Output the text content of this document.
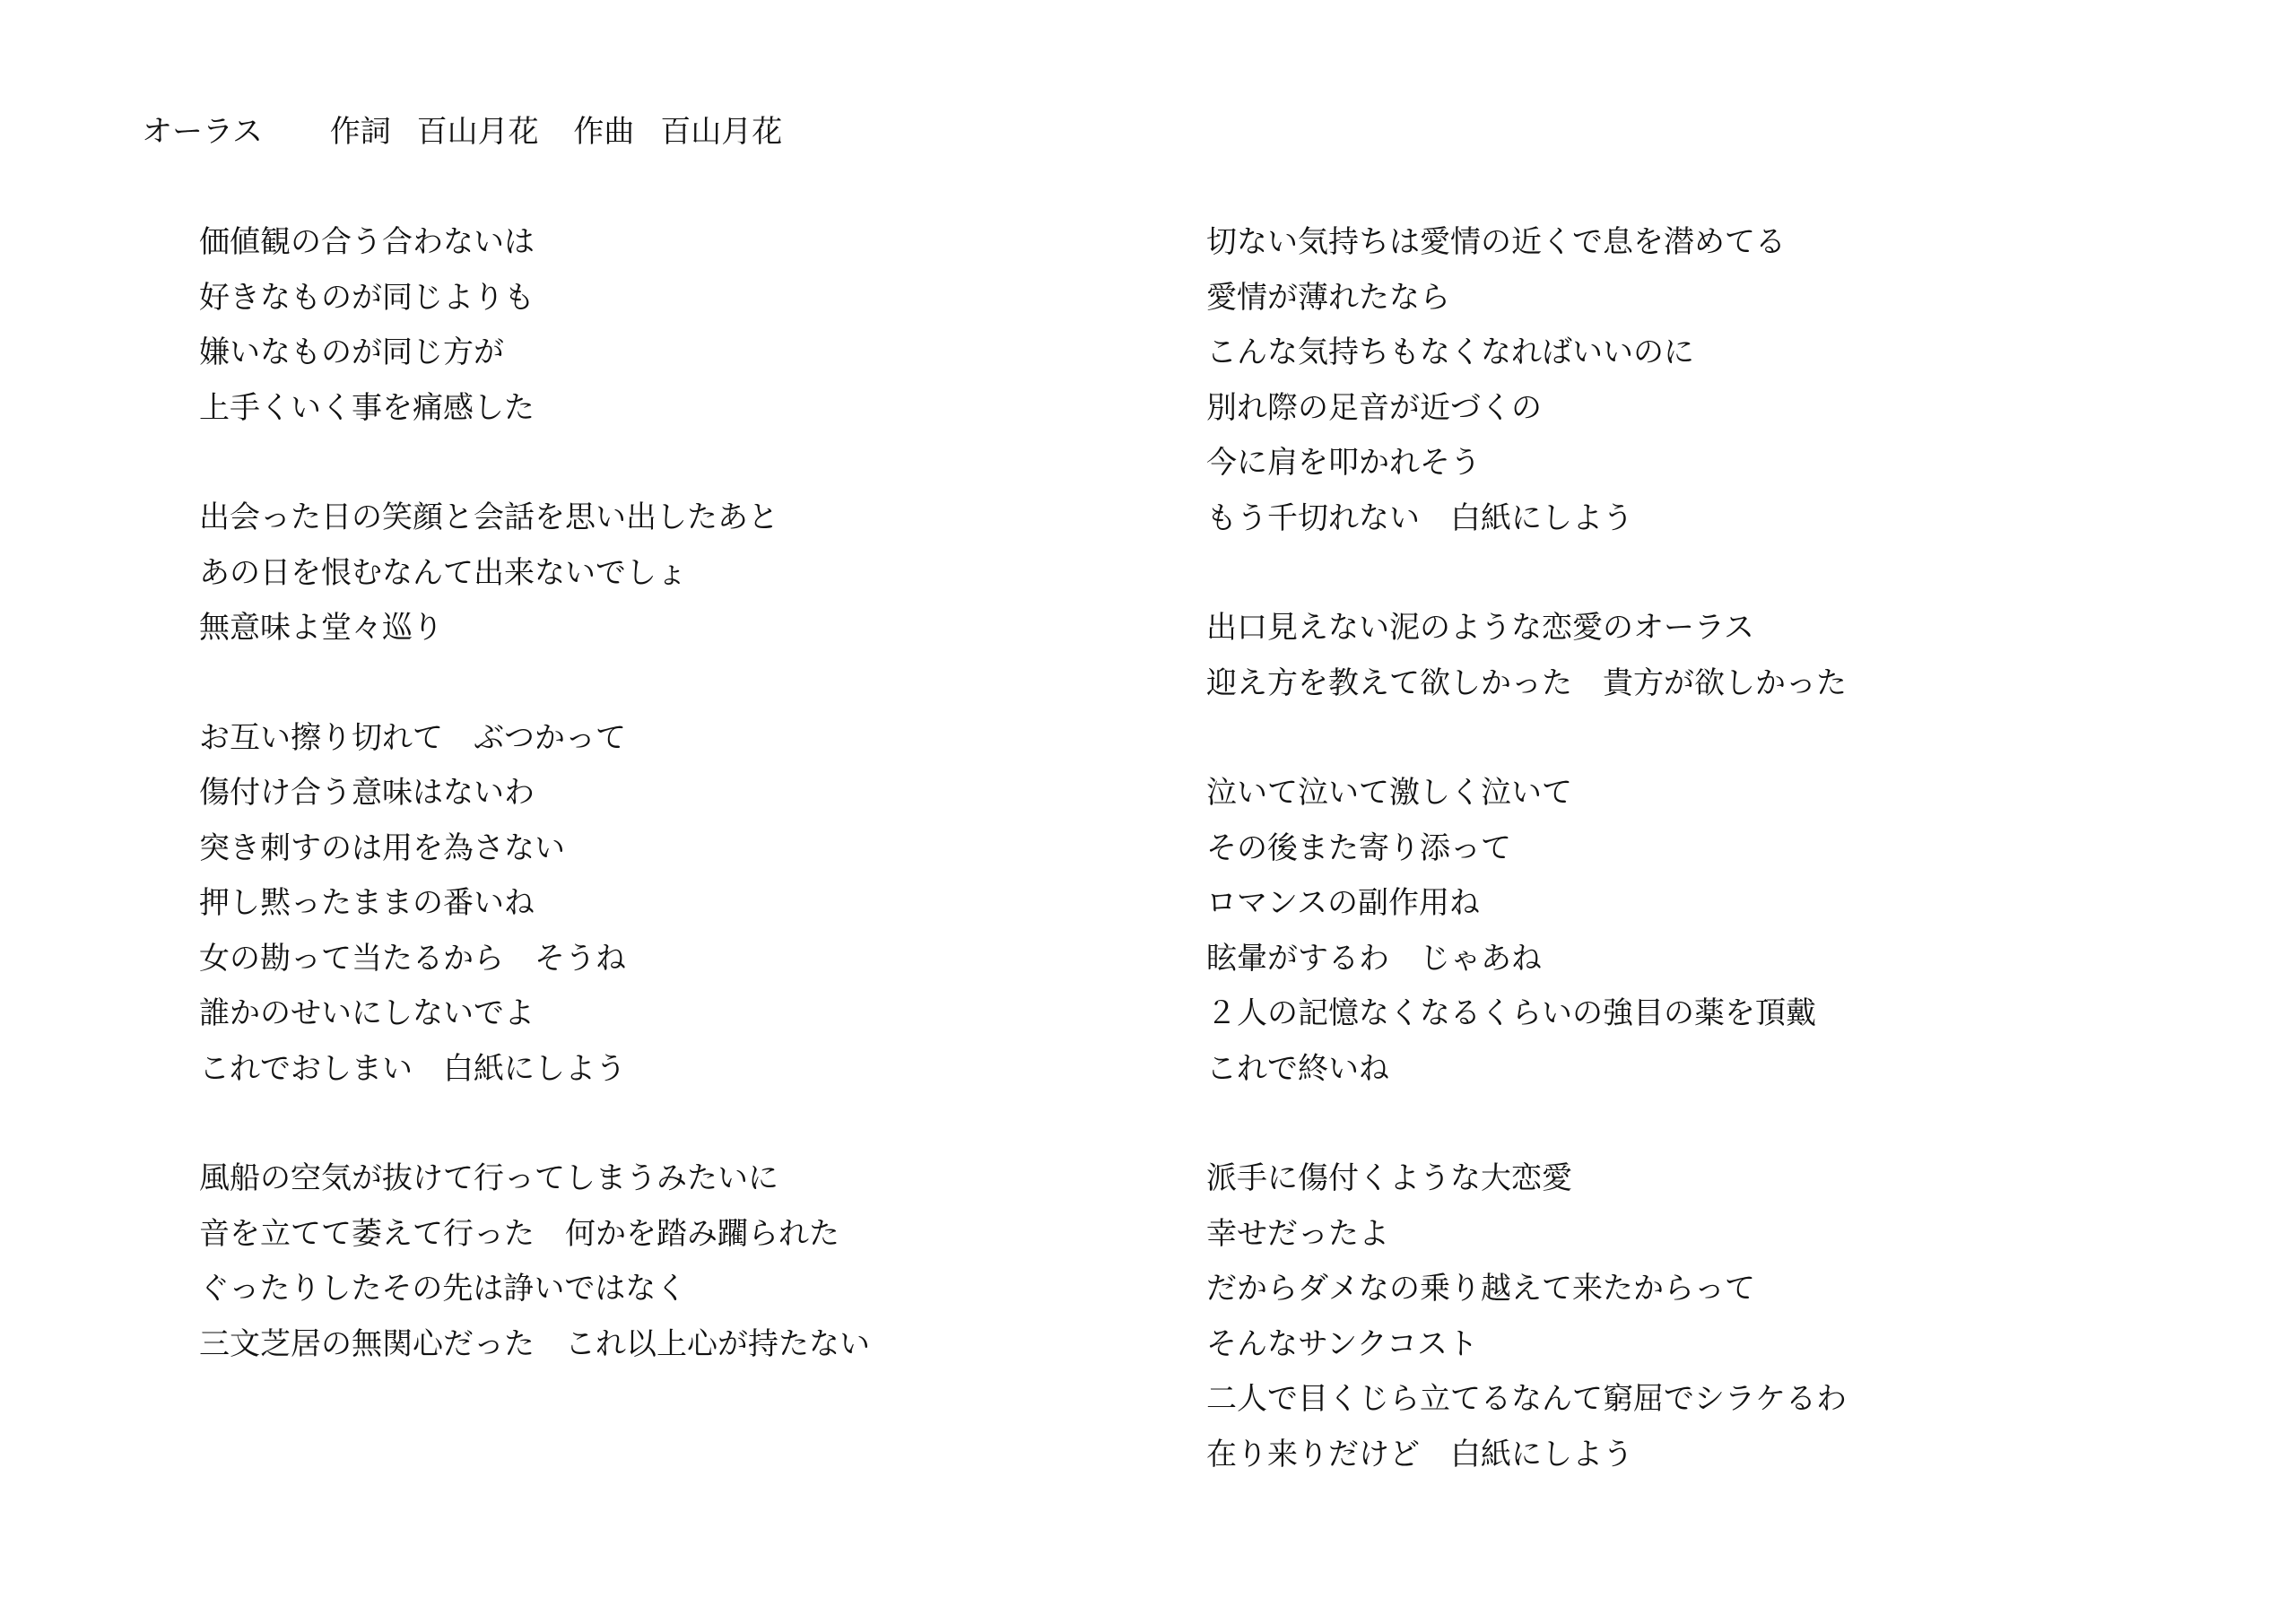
オーラス 作詞 百山月花 作曲 百山月花
価値観の合う合わないは
好きなものが同じよりも
嫌いなものが同じ方が
上手くいく事を痛感した
出会った日の笑顔と会話を思い出したあと
あの日を恨むなんて出来ないでしょ
無意味よ堂々巡り
お互い擦り切れて　ぶつかって
傷付け合う意味はないわ
突き刺すのは用を為さない
押し黙ったままの番いね
女の勘って当たるから　そうね
誰かのせいにしないでよ
これでおしまい　白紙にしよう
風船の空気が抜けて行ってしまうみたいに
音を立てて萎えて行った　何かを踏み躙られた
ぐったりしたその先は諍いではなく
三文芝居の無関心だった　これ以上心が持たない
切ない気持ちは愛情の近くで息を潜めてる
愛情が薄れたなら
こんな気持ちもなくなればいいのに
別れ際の足音が近づくの
今に肩を叩かれそう
もう千切れない　白紙にしよう
出口見えない泥のような恋愛のオーラス
迎え方を教えて欲しかった　貴方が欲しかった
泣いて泣いて激しく泣いて
その後また寄り添って
ロマンスの副作用ね
眩暈がするわ　じゃあね
２人の記憶なくなるくらいの強目の薬を頂戴
これで終いね
派手に傷付くような大恋愛
幸せだったよ
だからダメなの乗り越えて来たからって
そんなサンクコスト
二人で目くじら立てるなんて窮屈でシラケるわ
在り来りだけど　白紙にしよう
